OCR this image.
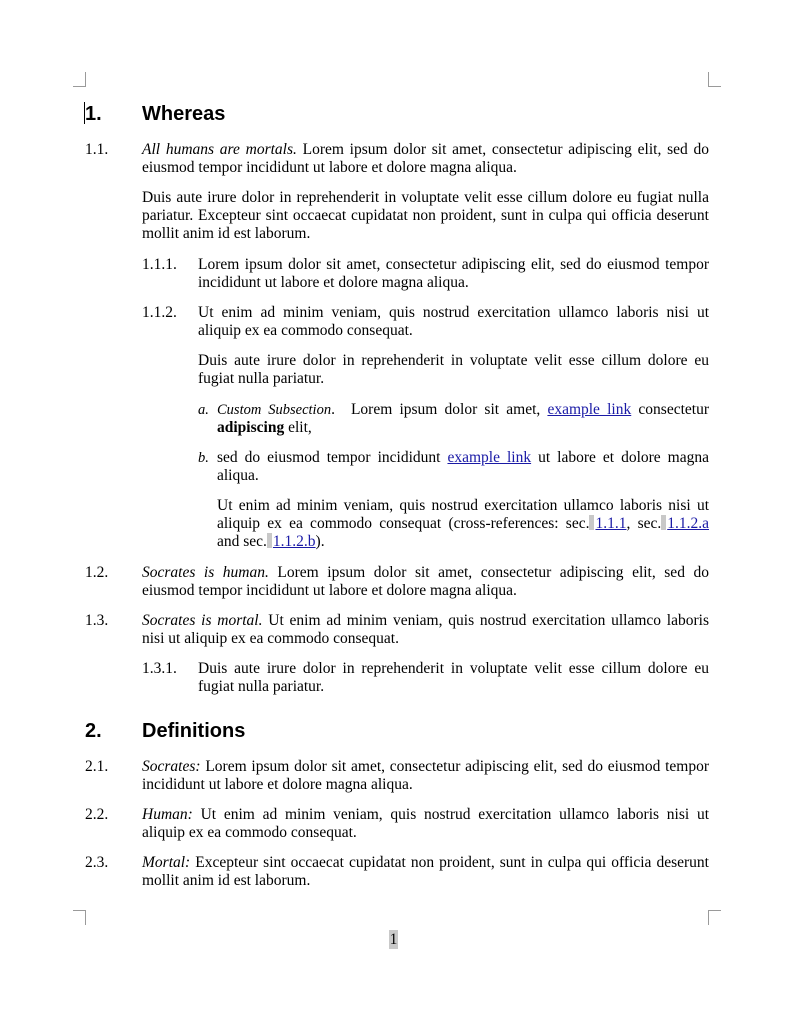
1. Whereas
1.1. All humans are mortals. Lorem ipsum dolor sit amet, consectetur adipiscing elit, sed do eiusmod tempor incididunt ut labore et dolore magna aliqua.

Duis aute irure dolor in reprehenderit in voluptate velit esse cillum dolore eu fugiat nulla pariatur. Excepteur sint occaecat cupidatat non proident, sunt in culpa qui officia deserunt mollit anim id est laborum.

1.1.1. Lorem ipsum dolor sit amet, consectetur adipiscing elit, sed do eiusmod tempor incididunt ut labore et dolore magna aliqua.

1.1.2. Ut enim ad minim veniam, quis nostrud exercitation ullamco laboris nisi ut aliquip ex ea commodo consequat.

Duis aute irure dolor in reprehenderit in voluptate velit esse cillum dolore eu fugiat nulla pariatur.

a. Custom Subsection. Lorem ipsum dolor sit amet, example link consectetur adipiscing elit,

b. sed do eiusmod tempor incididunt example link ut labore et dolore magna aliqua.

Ut enim ad minim veniam, quis nostrud exercitation ullamco laboris nisi ut aliquip ex ea commodo consequat (cross-references: sec. 1.1.1, sec. 1.1.2.a and sec. 1.1.2.b).

1.2. Socrates is human. Lorem ipsum dolor sit amet, consectetur adipiscing elit, sed do eiusmod tempor incididunt ut labore et dolore magna aliqua.

1.3. Socrates is mortal. Ut enim ad minim veniam, quis nostrud exercitation ullamco laboris nisi ut aliquip ex ea commodo consequat.

1.3.1. Duis aute irure dolor in reprehenderit in voluptate velit esse cillum dolore eu fugiat nulla pariatur.

2. Definitions
2.1. Socrates: Lorem ipsum dolor sit amet, consectetur adipiscing elit, sed do eiusmod tempor incididunt ut labore et dolore magna aliqua.

2.2. Human: Ut enim ad minim veniam, quis nostrud exercitation ullamco laboris nisi ut aliquip ex ea commodo consequat.

2.3. Mortal: Excepteur sint occaecat cupidatat non proident, sunt in culpa qui officia deserunt mollit anim id est laborum.

1
